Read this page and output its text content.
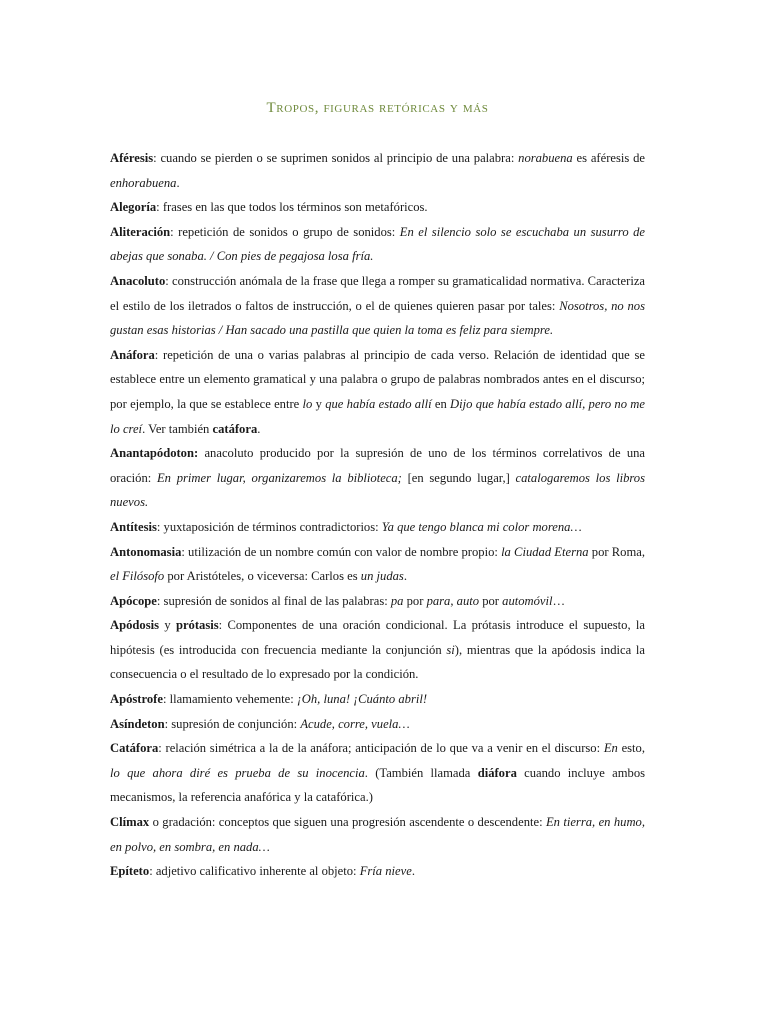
Tropos, figuras retóricas y más

Aféresis: cuando se pierden o se suprimen sonidos al principio de una palabra: norabuena es aféresis de enhorabuena.

Alegoría: frases en las que todos los términos son metafóricos.

Aliteración: repetición de sonidos o grupo de sonidos: En el silencio solo se escuchaba un susurro de abejas que sonaba. / Con pies de pegajosa losa fría.

Anacoluto: construcción anómala de la frase que llega a romper su gramaticalidad normativa. Caracteriza el estilo de los iletrados o faltos de instrucción, o el de quienes quieren pasar por tales: Nosotros, no nos gustan esas historias / Han sacado una pastilla que quien la toma es feliz para siempre.

Anáfora: repetición de una o varias palabras al principio de cada verso. Relación de identidad que se establece entre un elemento gramatical y una palabra o grupo de palabras nombrados antes en el discurso; por ejemplo, la que se establece entre lo y que había estado allí en Dijo que había estado allí, pero no me lo creí. Ver también catáfora.

Anantapódoton: anacoluto producido por la supresión de uno de los términos correlativos de una oración: En primer lugar, organizaremos la biblioteca; [en segundo lugar,] catalogaremos los libros nuevos.

Antítesis: yuxtaposición de términos contradictorios: Ya que tengo blanca mi color morena…

Antonomasia: utilización de un nombre común con valor de nombre propio: la Ciudad Eterna por Roma, el Filósofo por Aristóteles, o viceversa: Carlos es un judas.

Apócope: supresión de sonidos al final de las palabras: pa por para, auto por automóvil…

Apódosis y prótasis: Componentes de una oración condicional. La prótasis introduce el supuesto, la hipótesis (es introducida con frecuencia mediante la conjunción si), mientras que la apódosis indica la consecuencia o el resultado de lo expresado por la condición.

Apóstrofe: llamamiento vehemente: ¡Oh, luna! ¡Cuánto abril!

Asíndeton: supresión de conjunción: Acude, corre, vuela…

Catáfora: relación simétrica a la de la anáfora; anticipación de lo que va a venir en el discurso: En esto, lo que ahora diré es prueba de su inocencia. (También llamada diáfora cuando incluye ambos mecanismos, la referencia anafórica y la catafórica.)

Clímax o gradación: conceptos que siguen una progresión ascendente o descendente: En tierra, en humo, en polvo, en sombra, en nada…

Epíteto: adjetivo calificativo inherente al objeto: Fría nieve.
